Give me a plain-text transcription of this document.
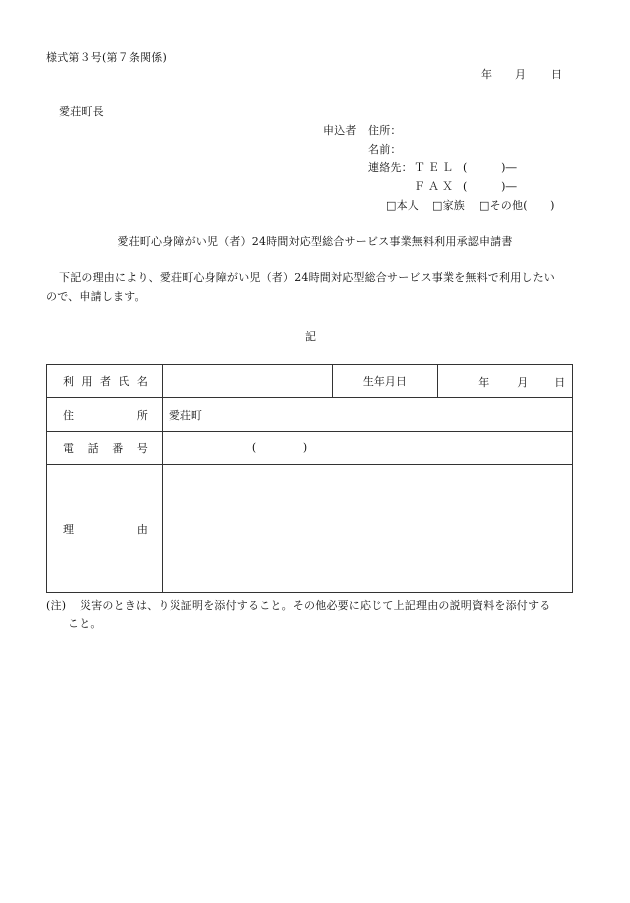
様式第３号(第７条関係)
年 月 日
愛荘町長
申込者 住所：
名前：
連絡先： ＴＥＬ (　　　)―
ＦＡＸ (　　　)―
□本人 □家族 □その他(　　)
愛荘町心身障がい児（者）24時間対応型総合サービス事業無料利用承認申請書
下記の理由により、愛荘町心身障がい児（者）24時間対応型総合サービス事業を無料で利用したい
ので、申請します。
記
利 用 者 氏 名		生年月日	年 月 日

住 所	愛荘町		

電 話 番 号	( )		

理 由			

(注) 災害のときは、り災証明を添付すること。その他必要に応じて上記理由の説明資料を添付する
こと。
